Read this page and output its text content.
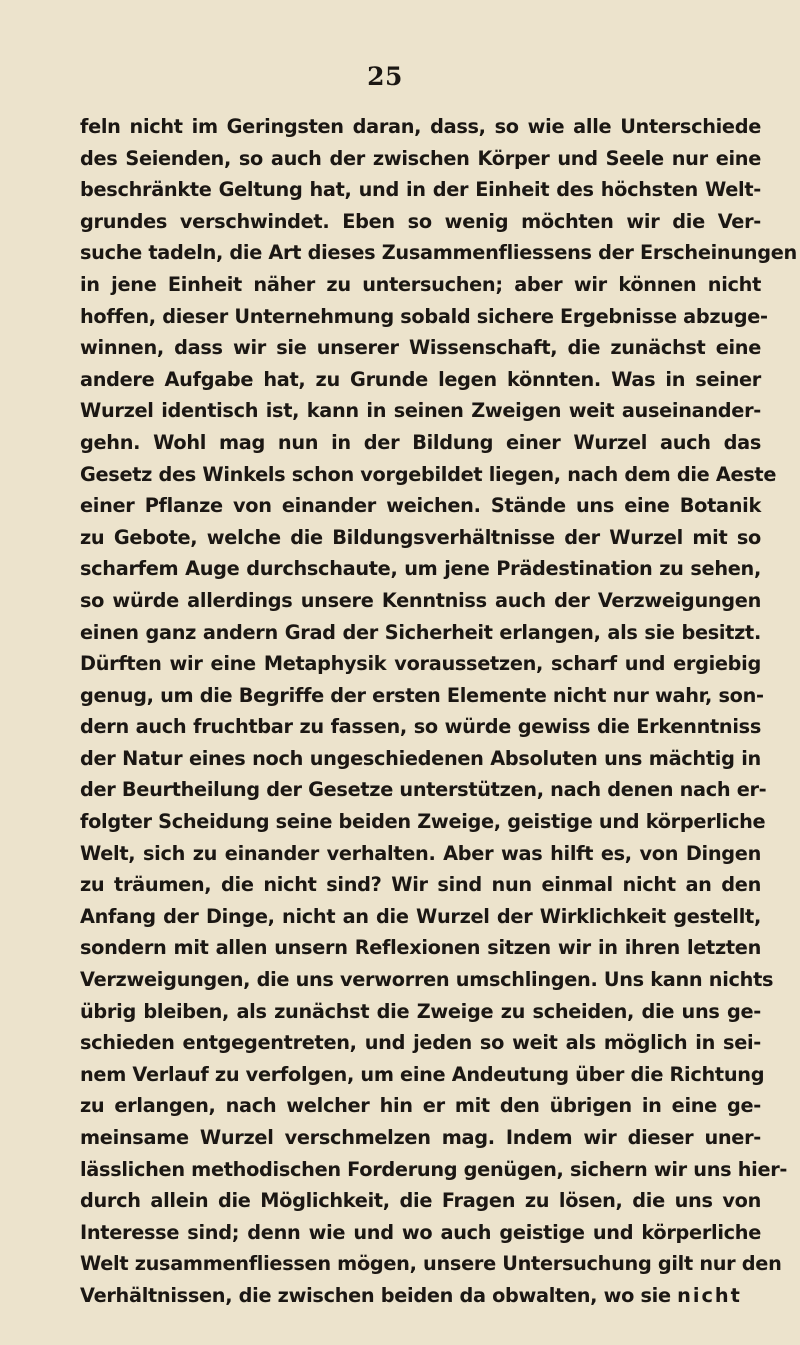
25
feln nicht im Geringsten daran, dass, so wie alle Unterschiede
des Seienden, so auch der zwischen Körper und Seele nur eine
beschränkte Geltung hat, und in der Einheit des höchsten Welt-
grundes verschwindet. Eben so wenig möchten wir die Ver-
suche tadeln, die Art dieses Zusammenfliessens der Erscheinungen
in jene Einheit näher zu untersuchen; aber wir können nicht
hoffen, dieser Unternehmung sobald sichere Ergebnisse abzuge-
winnen, dass wir sie unserer Wissenschaft, die zunächst eine
andere Aufgabe hat, zu Grunde legen könnten. Was in seiner
Wurzel identisch ist, kann in seinen Zweigen weit auseinander-
gehn. Wohl mag nun in der Bildung einer Wurzel auch das
Gesetz des Winkels schon vorgebildet liegen, nach dem die Aeste
einer Pflanze von einander weichen. Stände uns eine Botanik
zu Gebote, welche die Bildungsverhältnisse der Wurzel mit so
scharfem Auge durchschaute, um jene Prädestination zu sehen,
so würde allerdings unsere Kenntniss auch der Verzweigungen
einen ganz andern Grad der Sicherheit erlangen, als sie besitzt.
Dürften wir eine Metaphysik voraussetzen, scharf und ergiebig
genug, um die Begriffe der ersten Elemente nicht nur wahr, son-
dern auch fruchtbar zu fassen, so würde gewiss die Erkenntniss
der Natur eines noch ungeschiedenen Absoluten uns mächtig in
der Beurtheilung der Gesetze unterstützen, nach denen nach er-
folgter Scheidung seine beiden Zweige, geistige und körperliche
Welt, sich zu einander verhalten. Aber was hilft es, von Dingen
zu träumen, die nicht sind? Wir sind nun einmal nicht an den
Anfang der Dinge, nicht an die Wurzel der Wirklichkeit gestellt,
sondern mit allen unsern Reflexionen sitzen wir in ihren letzten
Verzweigungen, die uns verworren umschlingen. Uns kann nichts
übrig bleiben, als zunächst die Zweige zu scheiden, die uns ge-
schieden entgegentreten, und jeden so weit als möglich in sei-
nem Verlauf zu verfolgen, um eine Andeutung über die Richtung
zu erlangen, nach welcher hin er mit den übrigen in eine ge-
meinsame Wurzel verschmelzen mag. Indem wir dieser uner-
lässlichen methodischen Forderung genügen, sichern wir uns hier-
durch allein die Möglichkeit, die Fragen zu lösen, die uns von
Interesse sind; denn wie und wo auch geistige und körperliche
Welt zusammenfliessen mögen, unsere Untersuchung gilt nur den
Verhältnissen, die zwischen beiden da obwalten, wo sie nicht
